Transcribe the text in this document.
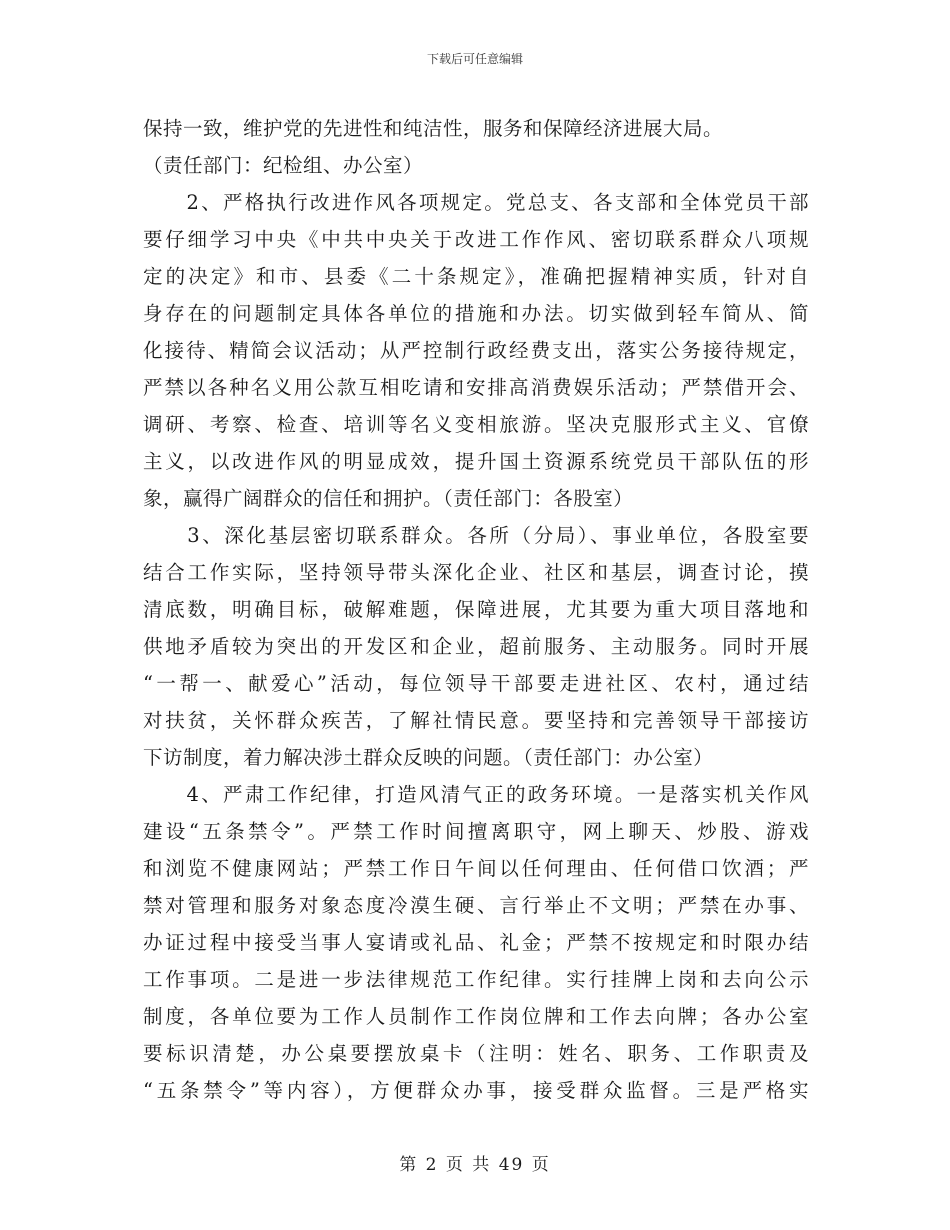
下载后可任意编辑
保持一致，维护党的先进性和纯洁性，服务和保障经济进展大局。
（责任部门：纪检组、办公室）
　　2、严格执行改进作风各项规定。党总支、各支部和全体党员干部
要仔细学习中央《中共中央关于改进工作作风、密切联系群众八项规
定的决定》和市、县委《二十条规定》，准确把握精神实质，针对自
身存在的问题制定具体各单位的措施和办法。切实做到轻车简从、简
化接待、精简会议活动；从严控制行政经费支出，落实公务接待规定，
严禁以各种名义用公款互相吃请和安排高消费娱乐活动；严禁借开会、
调研、考察、检查、培训等名义变相旅游。坚决克服形式主义、官僚
主义，以改进作风的明显成效，提升国土资源系统党员干部队伍的形
象，赢得广阔群众的信任和拥护。（责任部门：各股室）
　　3、深化基层密切联系群众。各所（分局）、事业单位，各股室要
结合工作实际，坚持领导带头深化企业、社区和基层，调查讨论，摸
清底数，明确目标，破解难题，保障进展，尤其要为重大项目落地和
供地矛盾较为突出的开发区和企业，超前服务、主动服务。同时开展
“一帮一、献爱心”活动，每位领导干部要走进社区、农村，通过结
对扶贫，关怀群众疾苦，了解社情民意。要坚持和完善领导干部接访
下访制度，着力解决涉土群众反映的问题。（责任部门：办公室）
　　4、严肃工作纪律，打造风清气正的政务环境。一是落实机关作风
建设“五条禁令”。严禁工作时间擅离职守，网上聊天、炒股、游戏
和浏览不健康网站；严禁工作日午间以任何理由、任何借口饮酒；严
禁对管理和服务对象态度冷漠生硬、言行举止不文明；严禁在办事、
办证过程中接受当事人宴请或礼品、礼金；严禁不按规定和时限办结
工作事项。二是进一步法律规范工作纪律。实行挂牌上岗和去向公示
制度，各单位要为工作人员制作工作岗位牌和工作去向牌；各办公室
要标识清楚，办公桌要摆放桌卡（注明：姓名、职务、工作职责及
“五条禁令”等内容），方便群众办事，接受群众监督。三是严格实
第 2 页 共 49 页
